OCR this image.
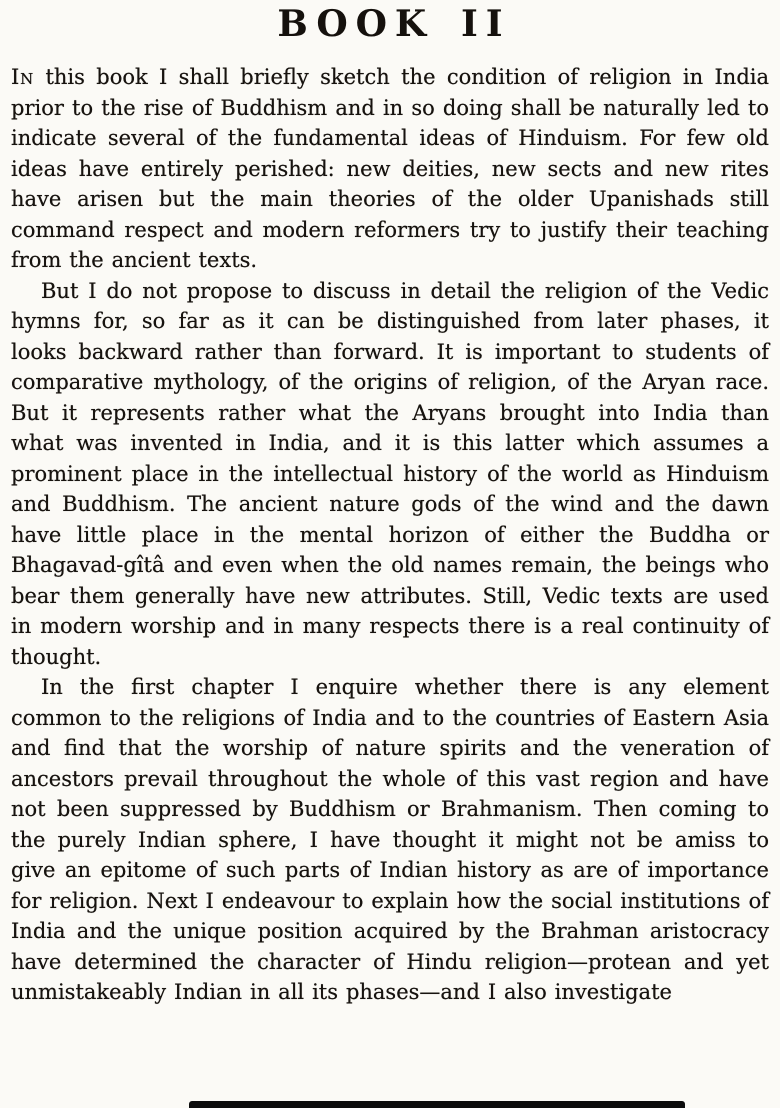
BOOK II

In this book I shall briefly sketch the condition of religion in India prior to the rise of Buddhism and in so doing shall be naturally led to indicate several of the fundamental ideas of Hinduism. For few old ideas have entirely perished: new deities, new sects and new rites have arisen but the main theories of the older Upanishads still command respect and modern reformers try to justify their teaching from the ancient texts.

But I do not propose to discuss in detail the religion of the Vedic hymns for, so far as it can be distinguished from later phases, it looks backward rather than forward. It is important to students of comparative mythology, of the origins of religion, of the Aryan race. But it represents rather what the Aryans brought into India than what was invented in India, and it is this latter which assumes a prominent place in the intellectual history of the world as Hinduism and Buddhism. The ancient nature gods of the wind and the dawn have little place in the mental horizon of either the Buddha or Bhagavad-gîtâ and even when the old names remain, the beings who bear them generally have new attributes. Still, Vedic texts are used in modern worship and in many respects there is a real continuity of thought.

In the first chapter I enquire whether there is any element common to the religions of India and to the countries of Eastern Asia and find that the worship of nature spirits and the veneration of ancestors prevail throughout the whole of this vast region and have not been suppressed by Buddhism or Brahmanism. Then coming to the purely Indian sphere, I have thought it might not be amiss to give an epitome of such parts of Indian history as are of importance for religion. Next I endeavour to explain how the social institutions of India and the unique position acquired by the Brahman aristocracy have determined the character of Hindu religion—protean and yet unmistakeably Indian in all its phases—and I also investigate
